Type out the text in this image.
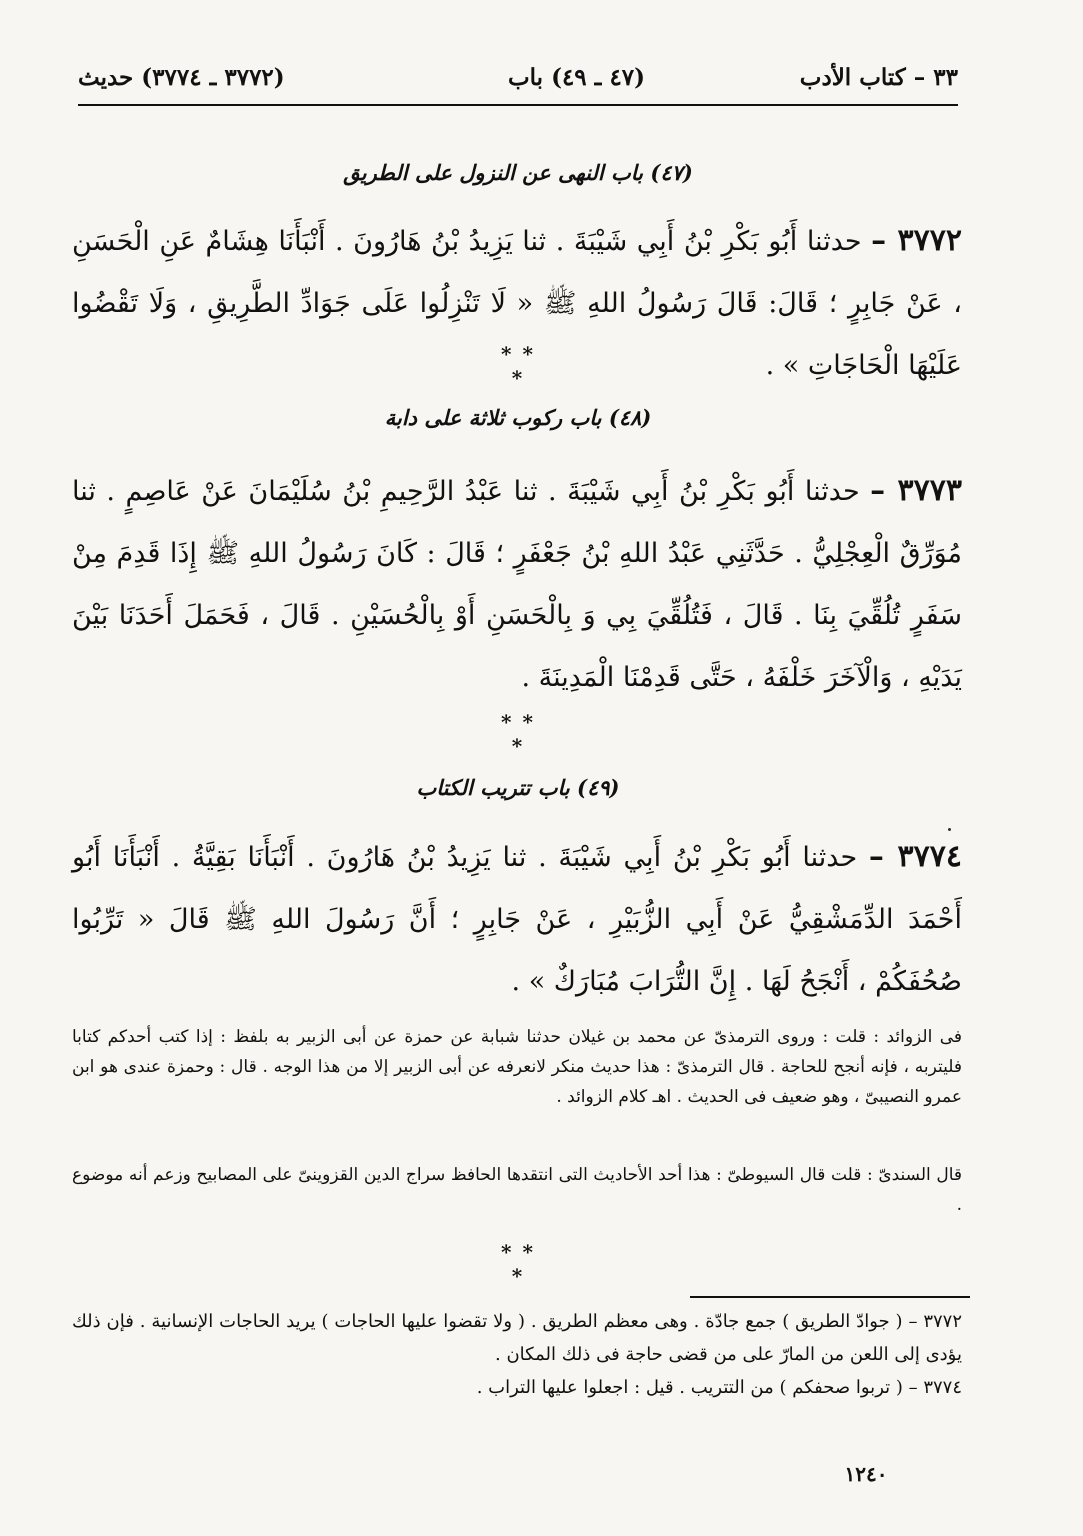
٣٣ – كتاب الأدب
(٤٧ ـ ٤٩) باب
(٣٧٧٢ ـ ٣٧٧٤) حديث
(٤٧) باب النهى عن النزول على الطريق
٣٧٧٢ – حدثنا أَبُو بَكْرِ بْنُ أَبِي شَيْبَةَ . ثنا يَزِيدُ بْنُ هَارُونَ . أَنْبَأَنَا هِشَامٌ عَنِ الْحَسَنِ ، عَنْ جَابِرٍ ؛ قَالَ: قَالَ رَسُولُ اللهِ ﷺ « لَا تَنْزِلُوا عَلَى جَوَادِّ الطَّرِيقِ ، وَلَا تَقْضُوا عَلَيْهَا الْحَاجَاتِ » .
* *
*
(٤٨) باب ركوب ثلاثة على دابة
٣٧٧٣ – حدثنا أَبُو بَكْرِ بْنُ أَبِي شَيْبَةَ . ثنا عَبْدُ الرَّحِيمِ بْنُ سُلَيْمَانَ عَنْ عَاصِمٍ . ثنا مُوَرِّقٌ الْعِجْلِيُّ . حَدَّثَنِي عَبْدُ اللهِ بْنُ جَعْفَرٍ ؛ قَالَ : كَانَ رَسُولُ اللهِ ﷺ إِذَا قَدِمَ مِنْ سَفَرٍ تُلُقِّيَ بِنَا . قَالَ ، فَتُلُقِّيَ بِي وَ بِالْحَسَنِ أَوْ بِالْحُسَيْنِ . قَالَ ، فَحَمَلَ أَحَدَنَا بَيْنَ يَدَيْهِ ، وَالْآخَرَ خَلْفَهُ ، حَتَّى قَدِمْنَا الْمَدِينَةَ .
* *
*
(٤٩) باب تتريب الكتاب
٣٧٧٤ – حدثنا أَبُو بَكْرِ بْنُ أَبِي شَيْبَةَ . ثنا يَزِيدُ بْنُ هَارُونَ . أَنْبَأَنَا بَقِيَّةُ . أَنْبَأَنَا أَبُو أَحْمَدَ الدِّمَشْقِيُّ عَنْ أَبِي الزُّبَيْرِ ، عَنْ جَابِرٍ ؛ أَنَّ رَسُولَ اللهِ ﷺ قَالَ « تَرِّبُوا صُحُفَكُمْ ، أَنْجَحُ لَهَا . إِنَّ التُّرَابَ مُبَارَكٌ » .
فى الزوائد : قلت : وروى الترمذىّ عن محمد بن غيلان حدثنا شبابة عن حمزة عن أبى الزبير به بلفظ : إذا كتب أحدكم كتابا فليتربه ، فإنه أنجح للحاجة . قال الترمذىّ : هذا حديث منكر لانعرفه عن أبى الزبير إلا من هذا الوجه . قال : وحمزة عندى هو ابن عمرو النصيبىّ ، وهو ضعيف فى الحديث . اهـ كلام الزوائد .
قال السندىّ : قلت قال السيوطىّ : هذا أحد الأحاديث التى انتقدها الحافظ سراج الدين القزوينىّ على المصابيح وزعم أنه موضوع .
* *
*

٣٧٧٢ – ( جوادّ الطريق ) جمع جادّة . وهى معظم الطريق . ( ولا تقضوا عليها الحاجات ) يريد الحاجات الإنسانية . فإن ذلك يؤدى إلى اللعن من المارّ على من قضى حاجة فى ذلك المكان .

٣٧٧٤ – ( تربوا صحفكم ) من التتريب . قيل : اجعلوا عليها التراب .

١٢٤٠
